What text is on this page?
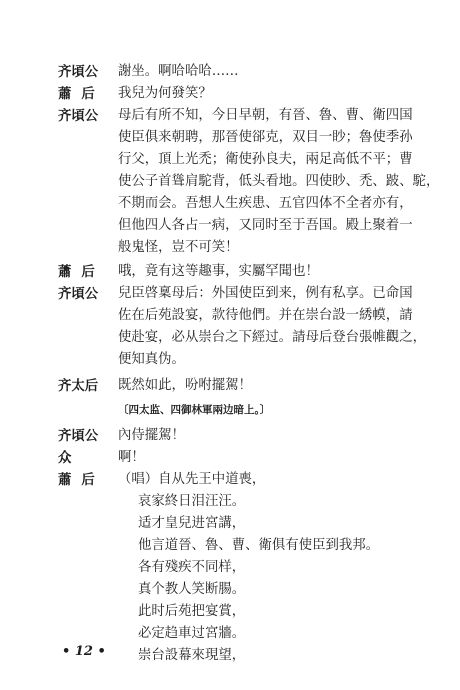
齐頃公 謝坐。啊哈哈哈……
蕭后 我兒为何發笑？
齐頃公 母后有所不知，今日早朝，有晉、魯、曹、衛四国
使臣俱来朝聘，那晉使郤克，双目一眇；魯使季孙
行父，頂上光禿；衛使孙良夫，兩足高低不平；曹
使公子首聳肩駝背，低头看地。四使眇、禿、跛、駝，
不期而会。吾想人生疾患、五官四体不全者亦有，
但他四人各占一病，又同时至于吾国。殿上聚着一
般鬼怪，豈不可笑！
蕭后 哦，竟有这等趣事，实屬罕聞也！
齐頃公 兒臣啓稟母后：外国使臣到来，例有私享。已命国
佐在后苑設宴，款待他們。并在崇台設一綉幙，請
使赴宴，必从崇台之下經过。請母后登台張帷觀之，
便知真伪。
齐太后 既然如此，吩咐擺駕！
〔四太监、四御林軍兩边暗上。〕
齐頃公 內侍擺駕！
众	啊！
蕭后 （唱）自从先王中道喪，
哀家終日泪汪汪。
适才皇兒进宮講，
他言道晉、魯、曹、衛俱有使臣到我邦。
各有殘疾不同样，
真个教人笑断腸。
此时后苑把宴賞，
必定趋車过宮牆。
崇台設幕來現望，
• 12 •
